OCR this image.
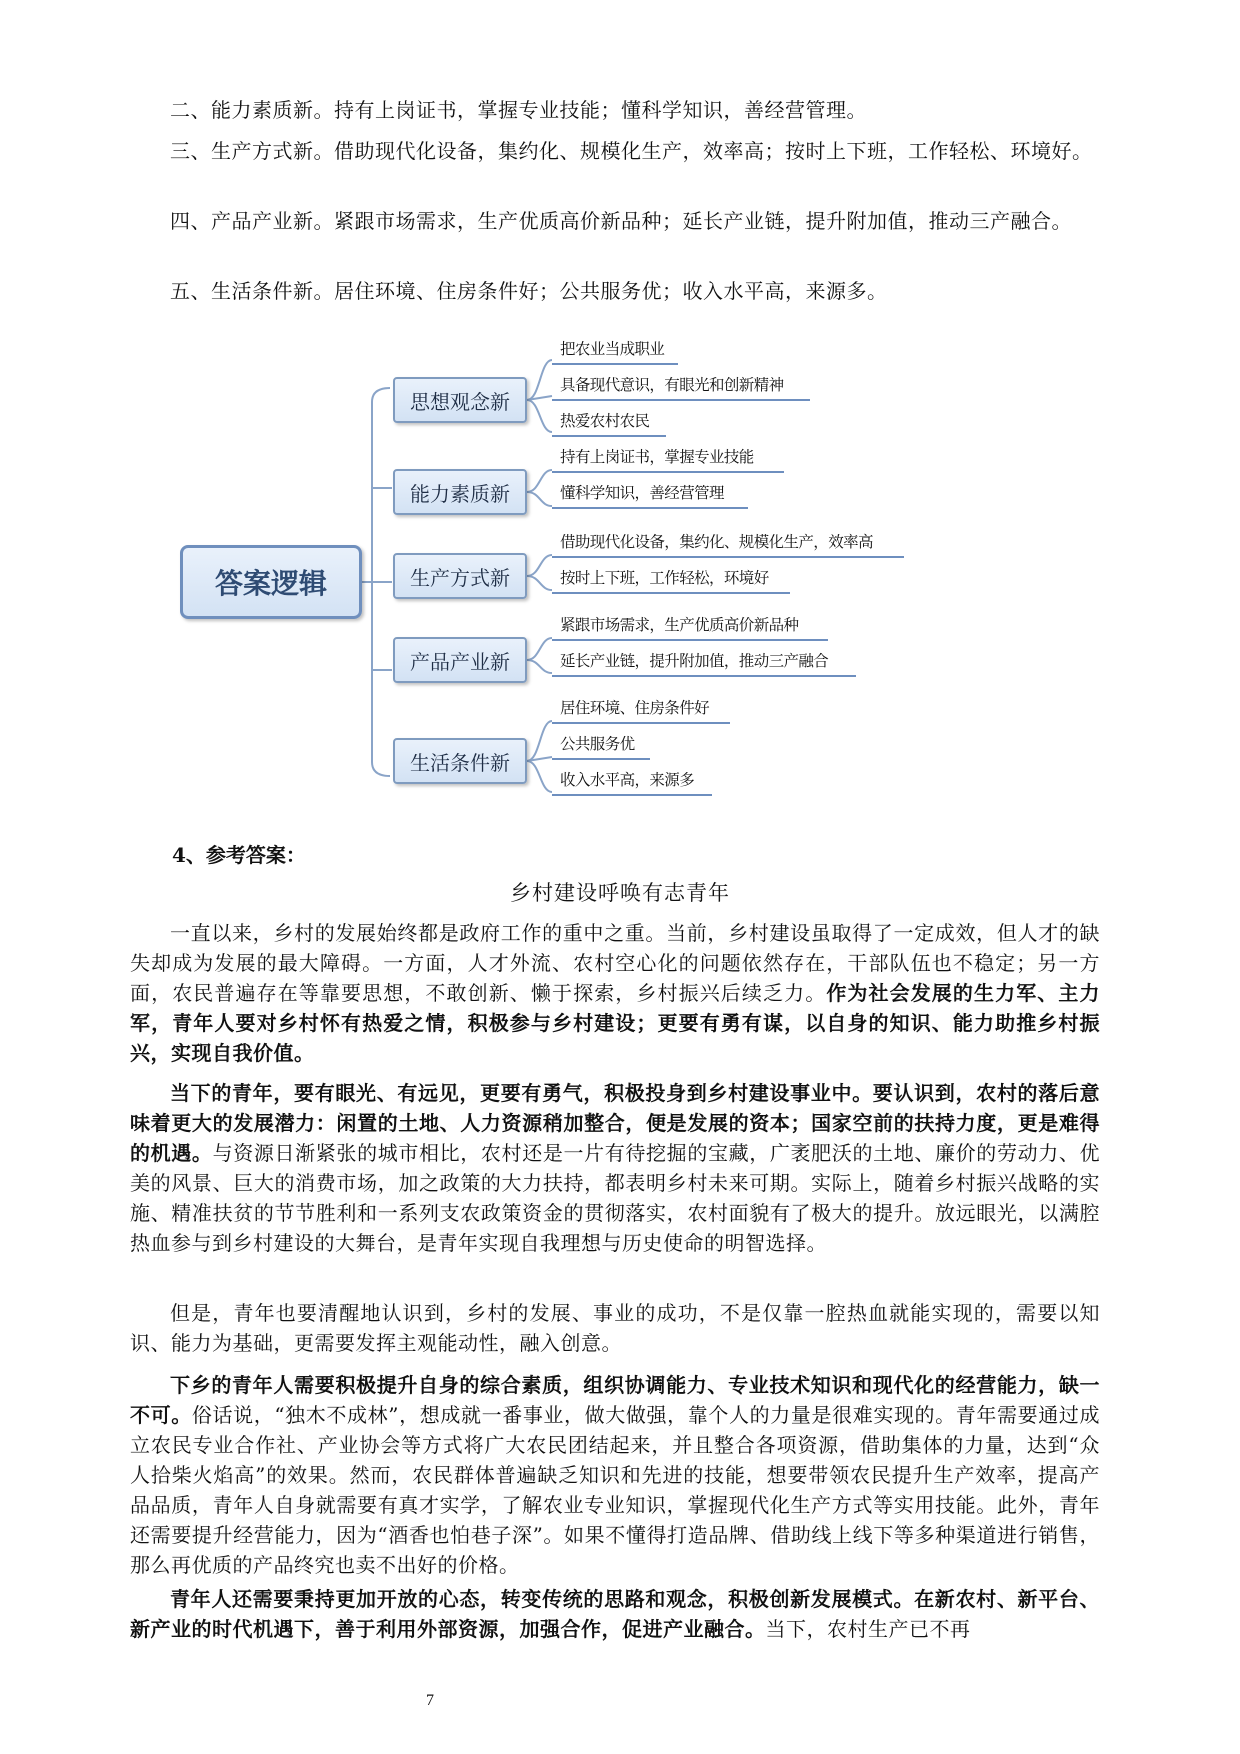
二、能力素质新。持有上岗证书，掌握专业技能；懂科学知识，善经营管理。

三、生产方式新。借助现代化设备，集约化、规模化生产，效率高；按时上下班，工作轻松、环境好。

四、产品产业新。紧跟市场需求，生产优质高价新品种；延长产业链，提升附加值，推动三产融合。

五、生活条件新。居住环境、住房条件好；公共服务优；收入水平高，来源多。

答案逻辑
思想观念新
能力素质新
生产方式新
产品产业新
生活条件新
把农业当成职业
具备现代意识，有眼光和创新精神
热爱农村农民
持有上岗证书，掌握专业技能
懂科学知识，善经营管理
借助现代化设备，集约化、规模化生产，效率高
按时上下班，工作轻松，环境好
紧跟市场需求，生产优质高价新品种
延长产业链，提升附加值，推动三产融合
居住环境、住房条件好
公共服务优
收入水平高，来源多
4、参考答案：
乡村建设呼唤有志青年

一直以来，乡村的发展始终都是政府工作的重中之重。当前，乡村建设虽取得了一定成效，但人才的缺失却成为发展的最大障碍。一方面，人才外流、农村空心化的问题依然存在，干部队伍也不稳定；另一方面，农民普遍存在等靠要思想，不敢创新、懒于探索，乡村振兴后续乏力。作为社会发展的生力军、主力军，青年人要对乡村怀有热爱之情，积极参与乡村建设；更要有勇有谋，以自身的知识、能力助推乡村振兴，实现自我价值。

当下的青年，要有眼光、有远见，更要有勇气，积极投身到乡村建设事业中。要认识到，农村的落后意味着更大的发展潜力：闲置的土地、人力资源稍加整合，便是发展的资本；国家空前的扶持力度，更是难得的机遇。与资源日渐紧张的城市相比，农村还是一片有待挖掘的宝藏，广袤肥沃的土地、廉价的劳动力、优美的风景、巨大的消费市场，加之政策的大力扶持，都表明乡村未来可期。实际上，随着乡村振兴战略的实施、精准扶贫的节节胜利和一系列支农政策资金的贯彻落实，农村面貌有了极大的提升。放远眼光，以满腔热血参与到乡村建设的大舞台，是青年实现自我理想与历史使命的明智选择。

但是，青年也要清醒地认识到，乡村的发展、事业的成功，不是仅靠一腔热血就能实现的，需要以知识、能力为基础，更需要发挥主观能动性，融入创意。

下乡的青年人需要积极提升自身的综合素质，组织协调能力、专业技术知识和现代化的经营能力，缺一不可。俗话说，“独木不成林”，想成就一番事业，做大做强，靠个人的力量是很难实现的。青年需要通过成立农民专业合作社、产业协会等方式将广大农民团结起来，并且整合各项资源，借助集体的力量，达到“众人拾柴火焰高”的效果。然而，农民群体普遍缺乏知识和先进的技能，想要带领农民提升生产效率，提高产品品质，青年人自身就需要有真才实学，了解农业专业知识，掌握现代化生产方式等实用技能。此外，青年还需要提升经营能力，因为“酒香也怕巷子深”。如果不懂得打造品牌、借助线上线下等多种渠道进行销售，那么再优质的产品终究也卖不出好的价格。

青年人还需要秉持更加开放的心态，转变传统的思路和观念，积极创新发展模式。在新农村、新平台、新产业的时代机遇下，善于利用外部资源，加强合作，促进产业融合。当下，农村生产已不再

7
